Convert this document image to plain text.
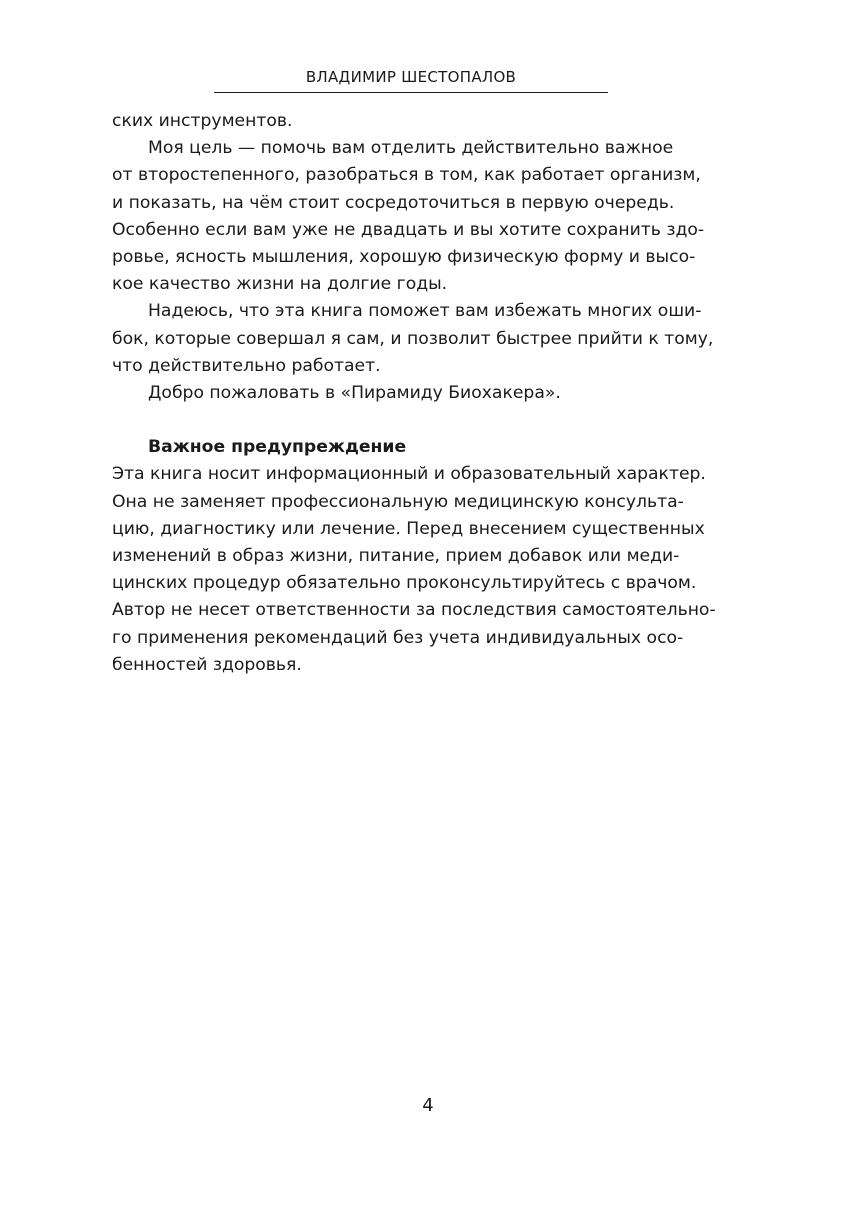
ВЛАДИМИР ШЕСТОПАЛОВ
ских инструментов.
Моя цель — помочь вам отделить действительно важное
от второстепенного, разобраться в том, как работает организм,
и показать, на чём стоит сосредоточиться в первую очередь.
Особенно если вам уже не двадцать и вы хотите сохранить здо-
ровье, ясность мышления, хорошую физическую форму и высо-
кое качество жизни на долгие годы.
Надеюсь, что эта книга поможет вам избежать многих оши-
бок, которые совершал я сам, и позволит быстрее прийти к тому,
что действительно работает.
Добро пожаловать в «Пирамиду Биохакера».
Важное предупреждение
Эта книга носит информационный и образовательный характер.
Она не заменяет профессиональную медицинскую консульта-
цию, диагностику или лечение. Перед внесением существенных
изменений в образ жизни, питание, прием добавок или меди-
цинских процедур обязательно проконсультируйтесь с врачом.
Автор не несет ответственности за последствия самостоятельно-
го применения рекомендаций без учета индивидуальных осо-
бенностей здоровья.
4
